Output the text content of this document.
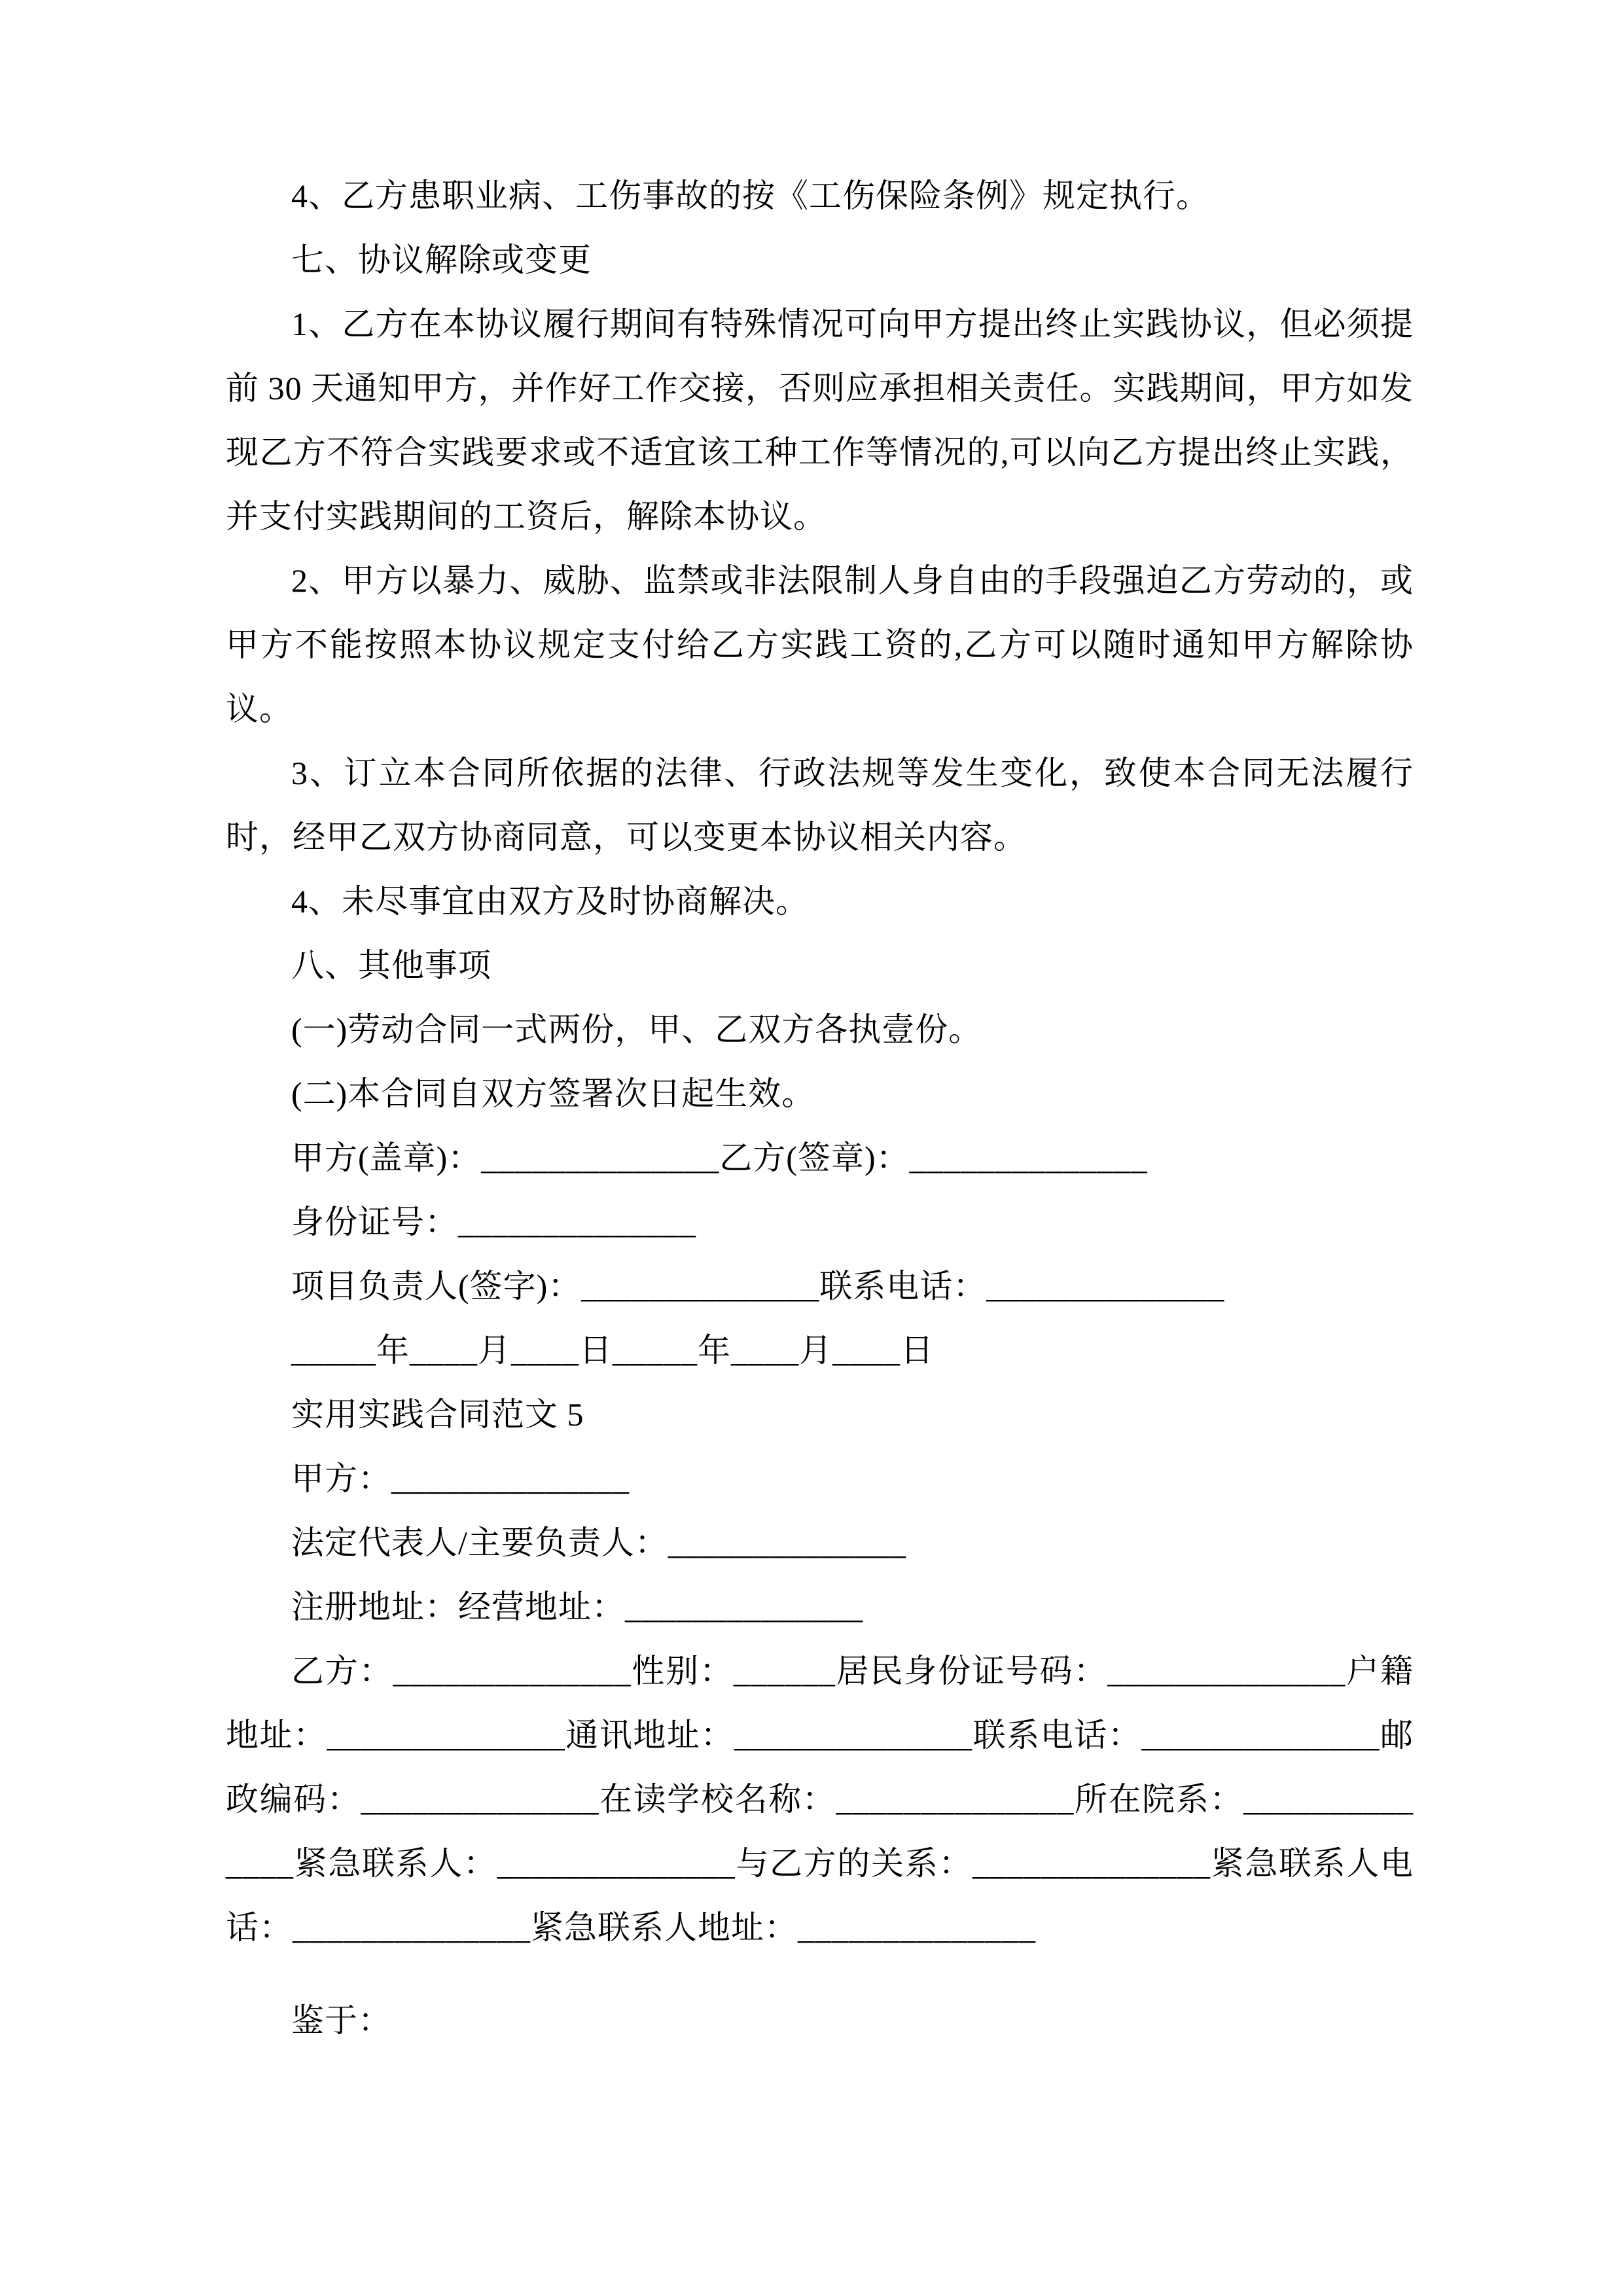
4、乙方患职业病、工伤事故的按《工伤保险条例》规定执行。

七、协议解除或变更

1、乙方在本协议履行期间有特殊情况可向甲方提出终止实践协议，但必须提前 30 天通知甲方，并作好工作交接，否则应承担相关责任。实践期间，甲方如发现乙方不符合实践要求或不适宜该工种工作等情况的,可以向乙方提出终止实践，并支付实践期间的工资后，解除本协议。

2、甲方以暴力、威胁、监禁或非法限制人身自由的手段强迫乙方劳动的，或甲方不能按照本协议规定支付给乙方实践工资的,乙方可以随时通知甲方解除协议。

3、订立本合同所依据的法律、行政法规等发生变化，致使本合同无法履行时，经甲乙双方协商同意，可以变更本协议相关内容。

4、未尽事宜由双方及时协商解决。

八、其他事项

(一)劳动合同一式两份，甲、乙双方各执壹份。

(二)本合同自双方签署次日起生效。

甲方(盖章)：______________乙方(签章)：______________

身份证号：______________

项目负责人(签字)：______________联系电话：______________

_____年____月____日_____年____月____日

实用实践合同范文 5

甲方：______________

法定代表人/主要负责人：______________

注册地址：经营地址：______________

乙方：______________性别：______居民身份证号码：______________户籍地址：______________通讯地址：______________联系电话：______________邮政编码：______________在读学校名称：______________所在院系：______________紧急联系人：______________与乙方的关系：______________紧急联系人电话：______________紧急联系人地址：______________

鉴于：
